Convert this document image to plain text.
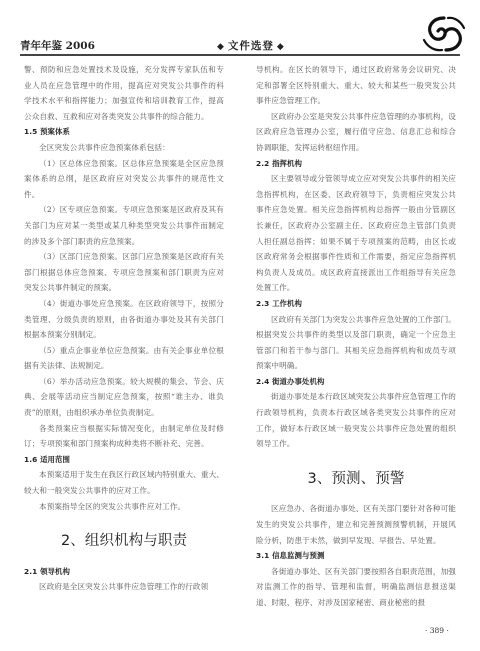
青年年鉴 2006	◆ 文件选登 ◆

警、预防和应急处置技术及设施，充分发挥专家队伍和专业人员在应急管理中的作用，提高应对突发公共事件的科学技术水平和指挥能力；加强宣传和培训教育工作，提高公众自救、互救和应对各类突发公共事件的综合能力。

1.5 预案体系

全区突发公共事件应急预案体系包括：

（1）区总体应急预案。区总体应急预案是全区应急预案体系的总纲，是区政府应对突发公共事件的规范性文件。

（2）区专项应急预案。专项应急预案是区政府及其有关部门为应对某一类型或某几种类型突发公共事件而制定的涉及多个部门职责的应急预案。

（3）区部门应急预案。区部门应急预案是区政府有关部门根据总体应急预案、专项应急预案和部门职责为应对突发公共事件制定的预案。

（4）街道办事处应急预案。在区政府领导下，按照分类管理、分级负责的原则，由各街道办事处及其有关部门根据本预案分别制定。

（5）重点企事业单位应急预案。由有关企事业单位根据有关法律、法规制定。

（6）举办活动应急预案。较大规模的集会、节会、庆典、会展等活动应当制定应急预案，按照“谁主办、谁负责”的原则，由组织承办单位负责制定。

各类预案应当根据实际情况变化，由制定单位及时修订；专项预案和部门预案构成种类将不断补充、完善。

1.6 适用范围

本预案适用于发生在我区行政区域内特别重大、重大、较大和一般突发公共事件的应对工作。

本预案指导全区的突发公共事件应对工作。

2、组织机构与职责
2.1 领导机构

区政府是全区突发公共事件应急管理工作的行政领

导机构。在区长的领导下，通过区政府常务会议研究、决定和部署全区特别重大、重大、较大和某些一般突发公共事件应急管理工作。

区政府办公室是突发公共事件应急管理的办事机构，设区政府应急管理办公室，履行值守应急、信息汇总和综合协调职能，发挥运转枢纽作用。

2.2 指挥机构

区主要领导或分管领导成立应对突发公共事件的相关应急指挥机构，在区委、区政府领导下，负责相应突发公共事件应急处置。相关应急指挥机构总指挥一般由分管副区长兼任，区政府办公室副主任、区政府应急主管部门负责人担任副总指挥；如果不属于专项预案的范畴，由区长或区政府常务会根据事件性质和工作需要，指定应急指挥机构负责人及成员。成区政府直接派出工作组指导有关应急处置工作。

2.3 工作机构

区政府有关部门为突发公共事件应急处置的工作部门。根据突发公共事件的类型以及部门职责，确定一个应急主管部门和若干参与部门。其相关应急指挥机构和成员专项预案中明确。

2.4 街道办事处机构

街道办事处是本行政区域突发公共事件应急管理工作的行政领导机构，负责本行政区域各类突发公共事件的应对工作，做好本行政区域一般突发公共事件应急处置的组织领导工作。

3、预测、预警

区应急办、各街道办事处、区有关部门要针对各种可能发生的突发公共事件，建立和完善预测预警机制，开展风险分析，防患于未然，做到早发现、早报告、早处置。

3.1 信息监测与预测

各街道办事处、区有关部门要按照各自职责范围，加强对监测工作的指导、管理和监督，明确监测信息报送渠道、时限、程序、对涉及国家秘密、商业秘密的报

· 389 ·
